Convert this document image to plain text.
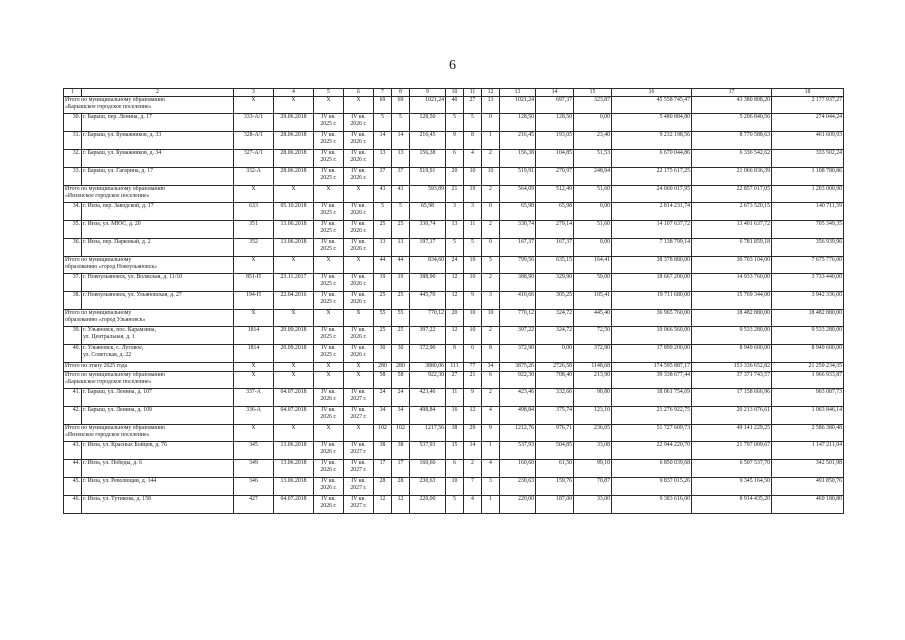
6
1	2	3	4	5	6	7	8	9	10	11	12	13	14	15	16	17	18

Итого по муниципальному образованию
«Барышское городское поселение»		X	X	X	X	69	69	1021,24	40	27	13	1021,24	697,37	323,87	45 558 745,47	43 380 808,20	2 177 937,27
30.	г. Барыш, пер. Ленина, д. 17	333-А/1	29.06.2018	IV кв.
2025 г.	IV кв.
2026 г.	5	5	128,50	5	5	0	128,50	128,50	0,00	5 480 884,80	5 206 840,56	274 044,24
31.	г. Барыш, ул. Бумажников, д. 33	328-А/1	28.06.2018	IV кв.
2025 г.	IV кв.
2026 г.	14	14	216,45	9	8	1	216,45	193,05	23,40	9 232 198,56	8 770 588,63	461 609,93
32.	г. Барыш, ул. Бумажников, д. 34	327-А/1	28.06.2018	IV кв.
2025 г.	IV кв.
2026 г.	13	13	156,38	6	4	2	156,38	104,85	51,53	6 670 044,86	6 336 542,62	333 502,24
33.	г. Барыш, ул. Гагарина, д. 17	332-А	28.06.2018	IV кв.
2025 г.	IV кв.
2026 г.	37	37	519,91	20	10	10	519,91	270,97	248,94	22 175 617,25	21 066 836,39	1 108 780,86

Итого по муниципальному образованию
«Инзенское городское поселение»		X	X	X	X	43	43	593,89	21	19	2	564,09	512,49	51,60	24 060 017,95	22 857 017,05	1 203 000,90
34.	г. Инза, пер. Заводской, д. 17	633	05.10.2018	IV кв.
2025 г.	IV кв.
2026 г.	5	5	65,98	3	3	0	65,98	65,98	0,00	2 814 231,74	2 673 520,15	140 711,59
35.	г. Инза, ул. МЮС, д. 20	351	13.06.2018	IV кв.
2025 г.	IV кв.
2026 г.	25	25	330,74	13	11	2	330,74	279,14	51,60	14 107 637,72	13 401 637,72	705 349,35
36.	г. Инза, пер. Парковый, д. 2	352	13.06.2018	IV кв.
2025 г.	IV кв.
2026 г.	13	13	197,17	5	5	0	167,37	167,37	0,00	7 138 799,14	6 781 859,18	356 939,96

Итого по муниципальному
образованию «город Новоульяновск»		X	X	X	X	44	44	834,60	24	19	5	799,56	635,15	164,41	38 378 880,00	30 703 104,00	7 675 776,00
37.	г. Новоульяновск, ул. Волжская, д. 11/10	851-П	23.11.2017	IV кв.
2025 г.	IV кв.
2026 г.	19	19	388,90	12	10	2	388,90	329,90	59,00	18 667 200,00	14 933 760,00	3 733 440,00
38.	г. Новоульяновск, ул. Ульяновская, д. 27	194-П	22.04.2016	IV кв.
2025 г.	IV кв.
2026 г.	25	25	445,70	12	9	3	410,66	305,25	105,41	19 711 680,00	15 769 344,00	3 942 336,00

Итого по муниципальному
образованию «город Ульяновск»		X	X	X	X	55	55	770,12	20	10	10	770,12	324,72	445,40	36 965 760,00	18 482 880,00	18 482 880,00
39.	г. Ульяновск, пос. Карамзина,
ул. Центральная, д. 1	1814	20.09.2018	IV кв.
2025 г.	IV кв.
2026 г.	25	25	397,22	12	10	2	397,22	324,72	72,50	19 066 560,00	9 533 280,00	9 533 280,00
40.	г. Ульяновск, с. Луговое,
ул. Советская, д. 22	1814	20.09.2018	IV кв.
2025 г.	IV кв.
2026 г.	30	30	372,90	8	0	8	372,90	0,00	372,90	17 899 200,00	8 949 600,00	8 949 600,00

Итого по этапу 2025 года		X	X	X	X	280	280	3880,06	111	77	34	3875,26	2726,58	1148,68	174 595 887,17	153 336 652,82	21 259 234,35

Итого по муниципальному образованию
«Барышское городское поселение»		X	X	X	X	58	58	922,30	27	21	6	922,30	708,40	213,90	39 338 677,44	37 371 743,57	1 966 933,87
41.	г. Барыш, ул. Ленина, д. 107	337-А	04.07.2018	IV кв.
2026 г.	IV кв.
2027 г.	24	24	423,46	11	9	2	423,46	332,66	90,80	18 061 754,69	17 158 666,96	903 087,73
42.	г. Барыш, ул. Ленина, д. 109	336-А	04.07.2018	IV кв.
2026 г.	IV кв.
2027 г.	34	34	498,84	16	12	4	498,84	375,74	123,10	21 276 922,75	20 213 076,61	1 063 846,14

Итого по муниципальному образованию
«Инзенское городское поселение»		X	X	X	X	102	102	1217,56	38	29	9	1212,76	976,71	236,05	51 727 609,73	49 141 229,25	2 586 380,48
43.	г. Инза, ул. Красных Бойцов, д. 76	345	13.06.2018	IV кв.
2026 г.	IV кв.
2027 г.	38	38	537,93	15	14	1	537,93	504,85	33,08	22 944 220,70	21 797 009,67	1 147 211,04
44.	г. Инза, ул. Победы, д. 6	349	13.06.2018	IV кв.
2026 г.	IV кв.
2027 г.	17	17	160,60	6	2	4	160,60	61,50	99,10	6 850 039,68	6 507 537,70	342 501,98
45.	г. Инза, ул. Революции, д. 144	346	13.06.2018	IV кв.
2026 г.	IV кв.
2027 г.	28	28	230,63	10	7	3	230,63	159,76	70,87	9 837 015,26	9 345 164,50	491 850,76
46.	г. Инза, ул. Тутикова, д. 158	427	04.07.2018	IV кв.
2026 г.	IV кв.
2027 г.	12	12	220,00	5	4	1	220,00	187,00	33,00	9 383 616,00	8 914 435,20	469 180,80
